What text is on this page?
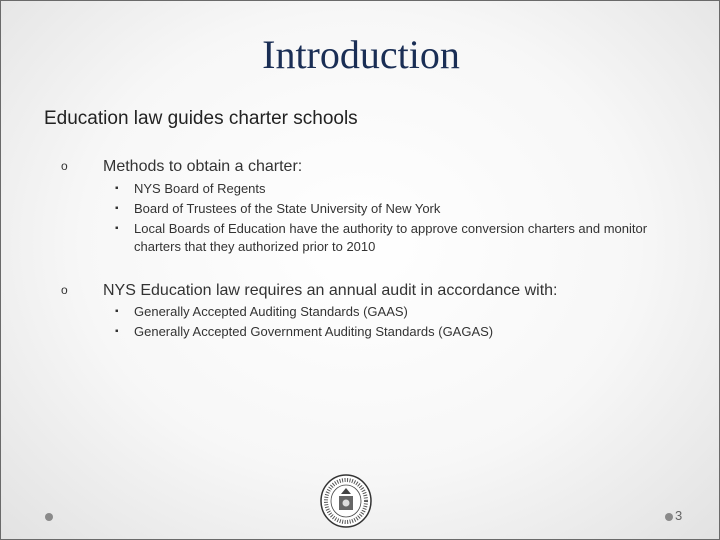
Introduction
Education law guides charter schools
o Methods to obtain a charter:
▪ NYS Board of Regents
▪ Board of Trustees of the State University of New York
▪ Local Boards of Education have the authority to approve conversion charters and monitor charters that they authorized prior to 2010
o NYS Education law requires an annual audit in accordance with:
▪ Generally Accepted Auditing Standards (GAAS)
▪ Generally Accepted Government Auditing Standards (GAGAS)
3
